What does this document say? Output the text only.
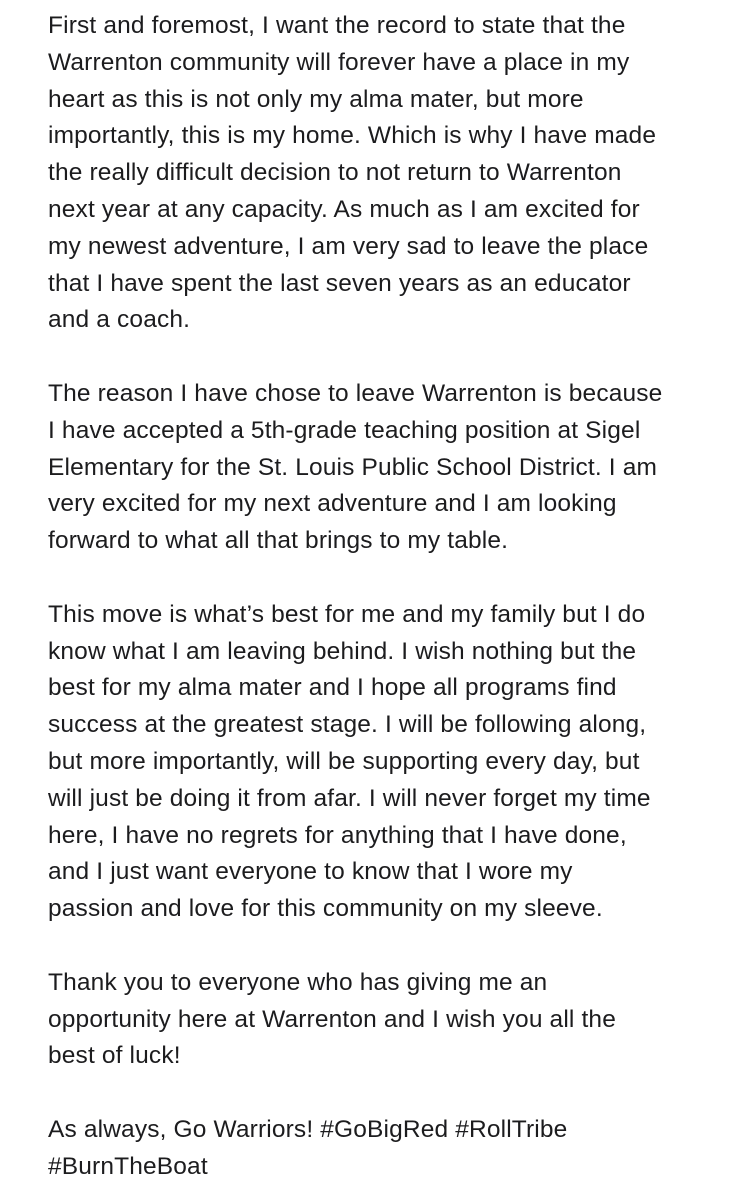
First and foremost, I want the record to state that the
Warrenton community will forever have a place in my
heart as this is not only my alma mater, but more
importantly, this is my home. Which is why I have made
the really difficult decision to not return to Warrenton
next year at any capacity. As much as I am excited for
my newest adventure, I am very sad to leave the place
that I have spent the last seven years as an educator
and a coach.
The reason I have chose to leave Warrenton is because
I have accepted a 5th-grade teaching position at Sigel
Elementary for the St. Louis Public School District. I am
very excited for my next adventure and I am looking
forward to what all that brings to my table.
This move is what’s best for me and my family but I do
know what I am leaving behind. I wish nothing but the
best for my alma mater and I hope all programs find
success at the greatest stage. I will be following along,
but more importantly, will be supporting every day, but
will just be doing it from afar. I will never forget my time
here, I have no regrets for anything that I have done,
and I just want everyone to know that I wore my
passion and love for this community on my sleeve.
Thank you to everyone who has giving me an
opportunity here at Warrenton and I wish you all the
best of luck!
As always, Go Warriors! #GoBigRed #RollTribe
#BurnTheBoat
